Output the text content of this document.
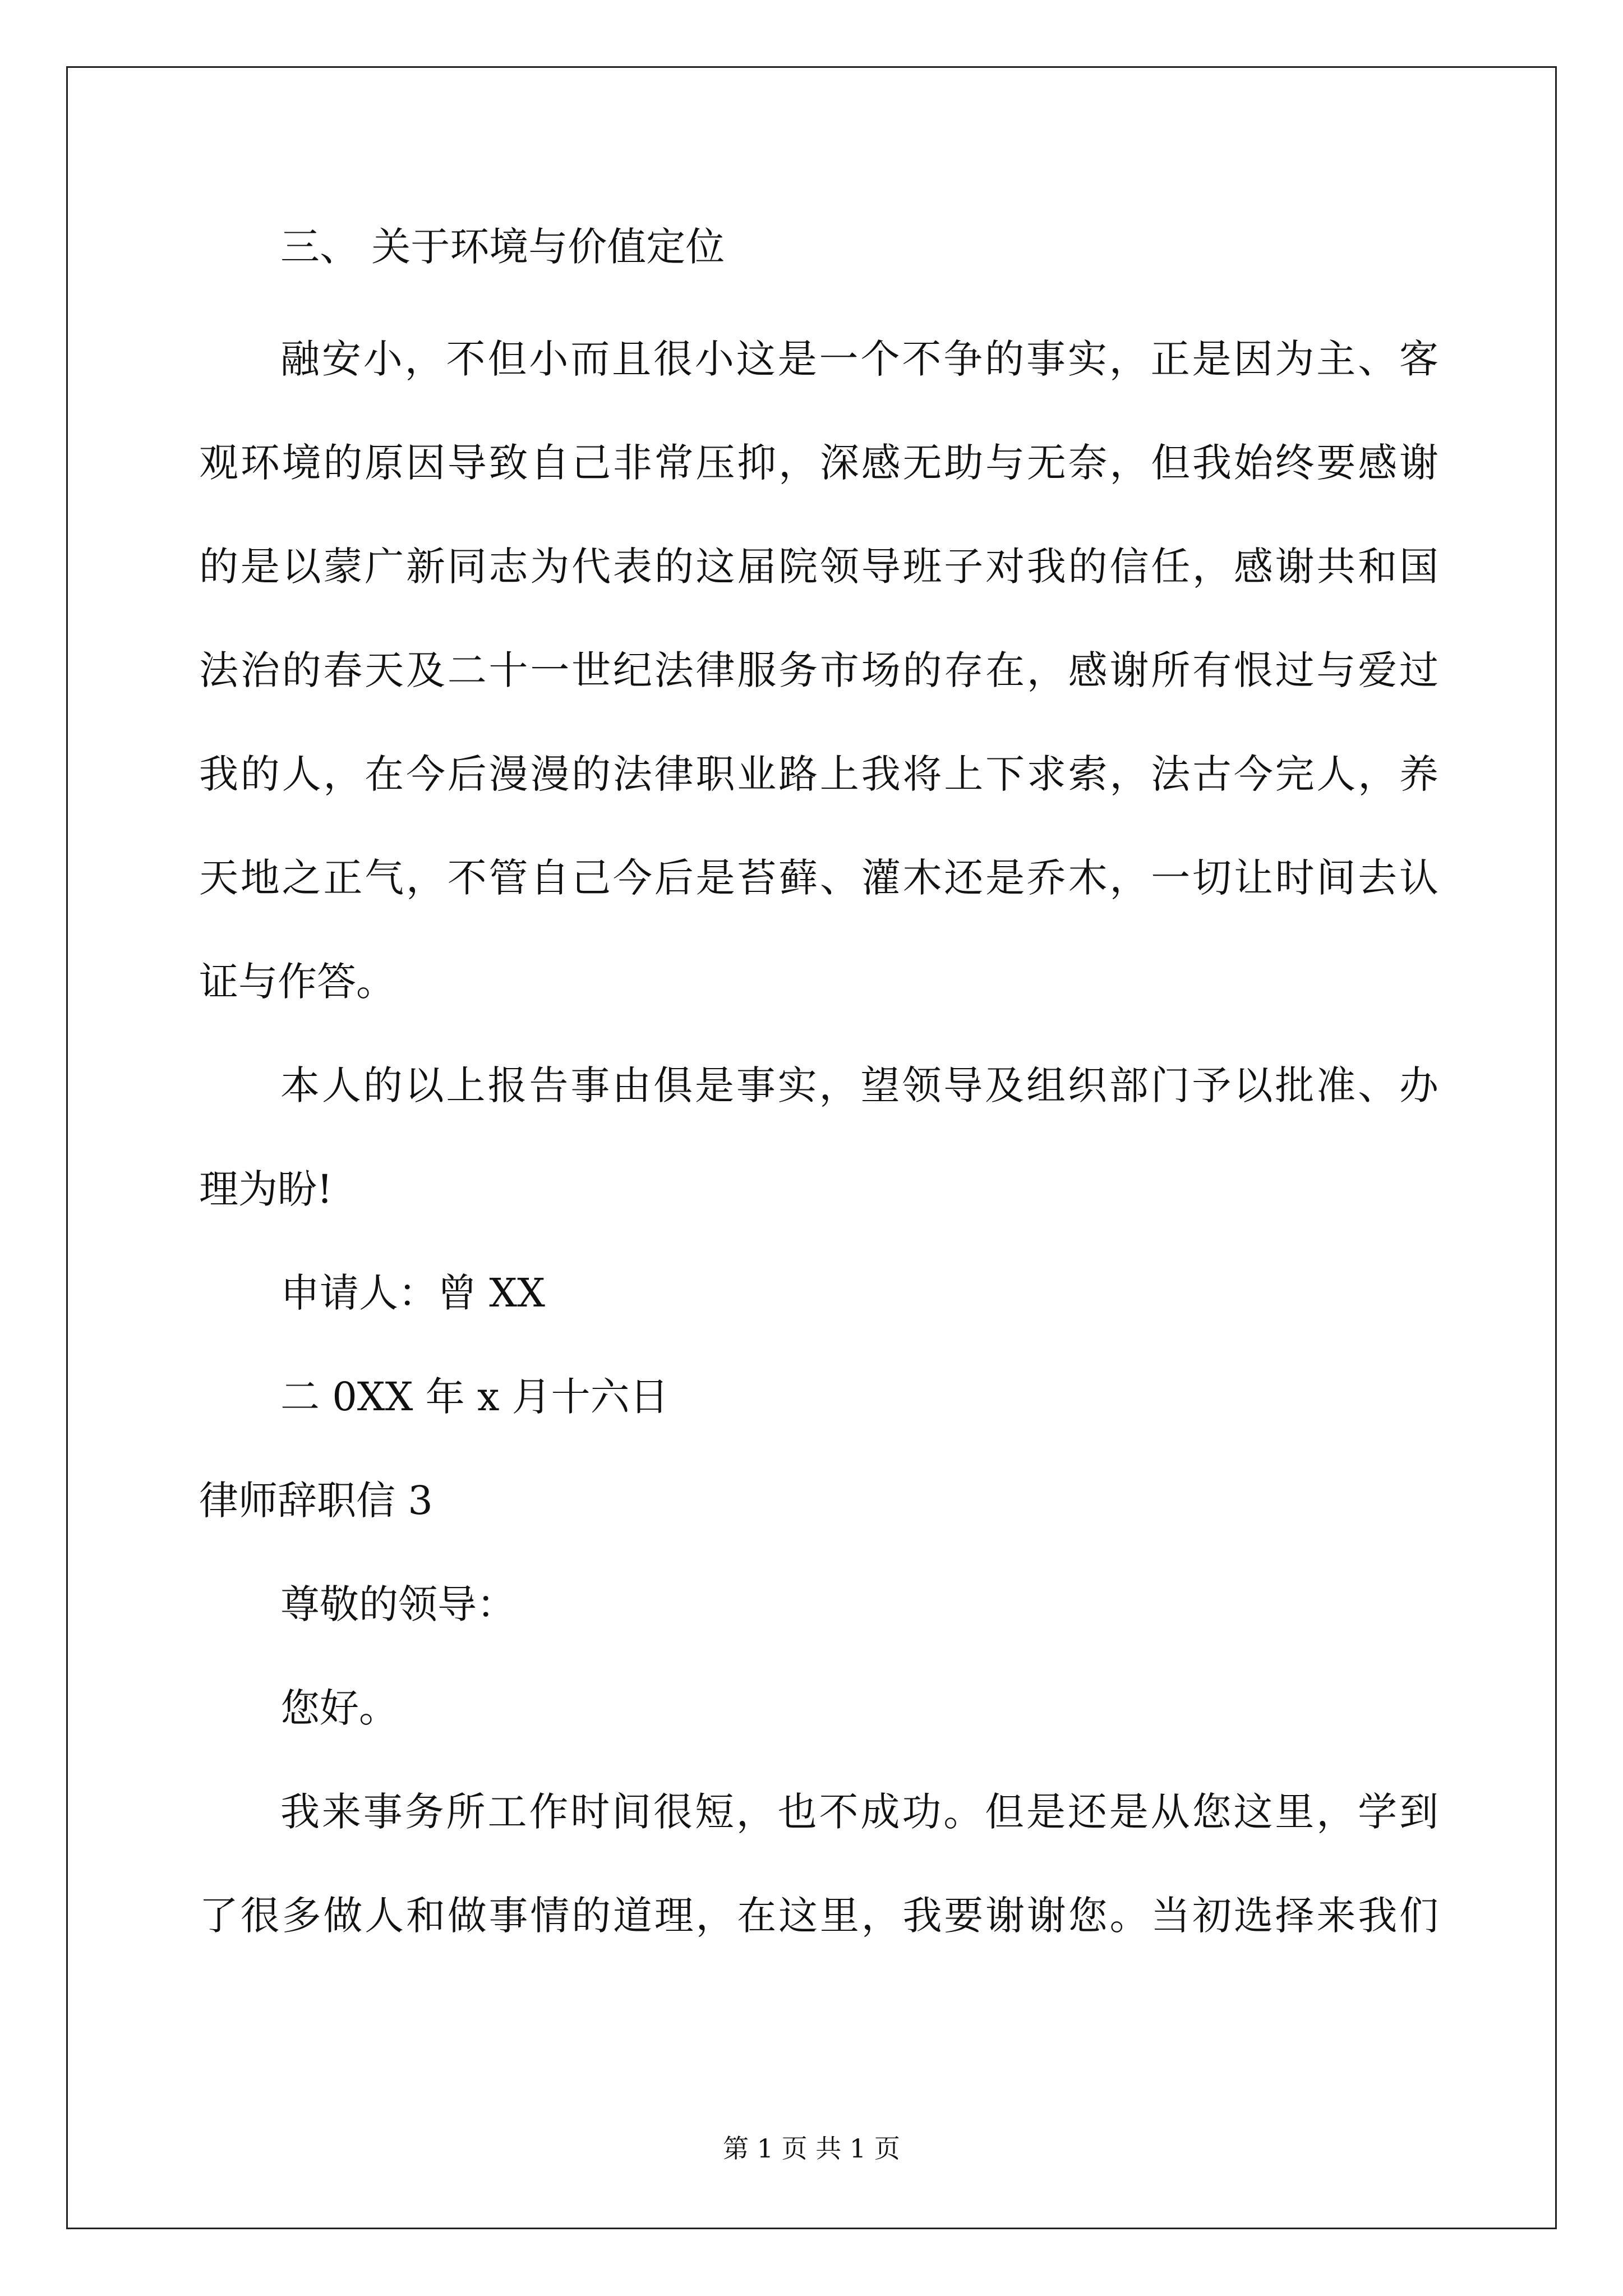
三、 关于环境与价值定位
融安小，不但小而且很小这是一个不争的事实，正是因为主、客
观环境的原因导致自己非常压抑，深感无助与无奈，但我始终要感谢
的是以蒙广新同志为代表的这届院领导班子对我的信任，感谢共和国
法治的春天及二十一世纪法律服务市场的存在，感谢所有恨过与爱过
我的人，在今后漫漫的法律职业路上我将上下求索，法古今完人，养
天地之正气，不管自己今后是苔藓、灌木还是乔木，一切让时间去认
证与作答。
本人的以上报告事由俱是事实，望领导及组织部门予以批准、办
理为盼!
申请人：曾 XX
二 0XX 年 x 月十六日
律师辞职信 3
尊敬的领导：
您好。
我来事务所工作时间很短，也不成功。但是还是从您这里，学到
了很多做人和做事情的道理，在这里，我要谢谢您。当初选择来我们
第 1 页 共 1 页
